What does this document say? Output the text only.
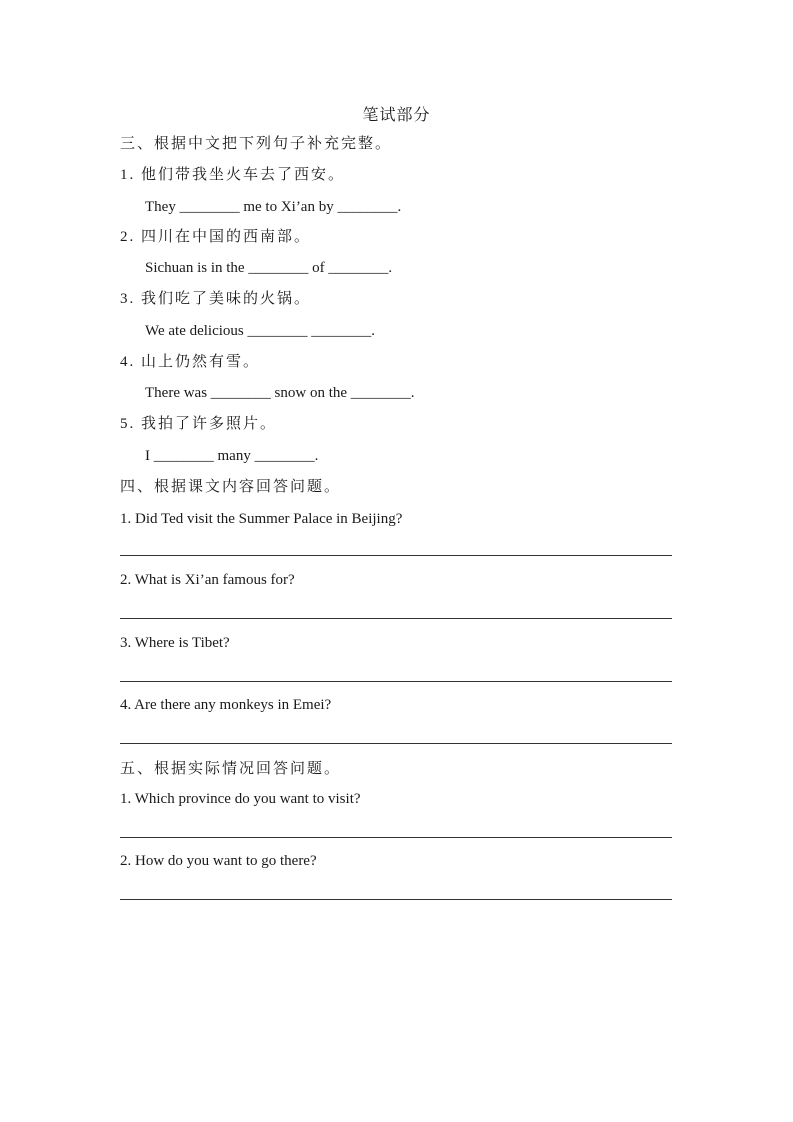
笔试部分
三、根据中文把下列句子补充完整。
1. 他们带我坐火车去了西安。
They ________ me to Xi’an by ________.
2. 四川在中国的西南部。
Sichuan is in the ________ of ________.
3. 我们吃了美味的火锅。
We ate delicious ________ ________.
4. 山上仍然有雪。
There was ________ snow on the ________.
5. 我拍了许多照片。
I ________ many ________.
四、根据课文内容回答问题。
1. Did Ted visit the Summer Palace in Beijing?
2. What is Xi’an famous for?
3. Where is Tibet?
4. Are there any monkeys in Emei?
五、根据实际情况回答问题。
1. Which province do you want to visit?
2. How do you want to go there?
